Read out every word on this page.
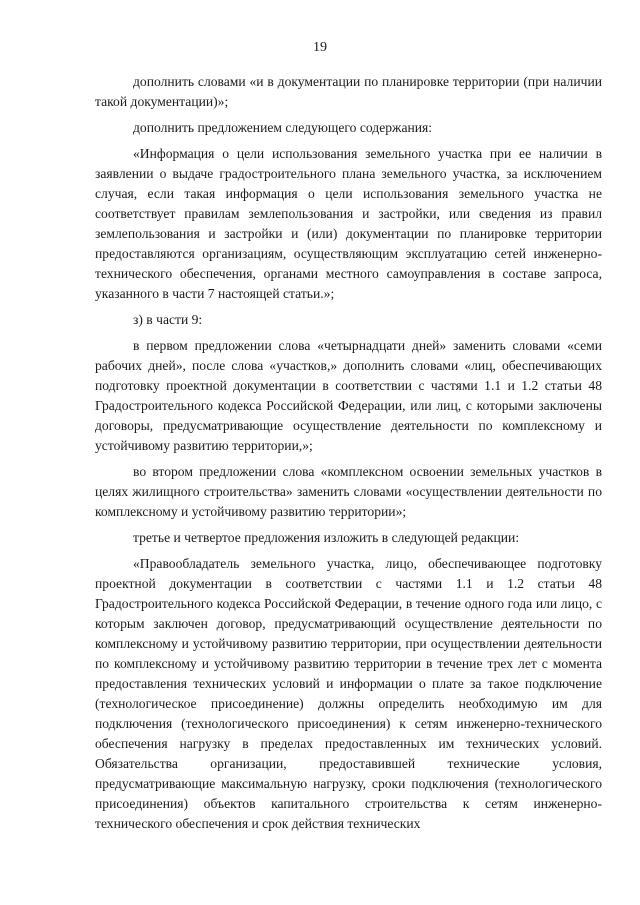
19

дополнить словами «и в документации по планировке территории (при наличии такой документации)»;

дополнить предложением следующего содержания:

«Информация о цели использования земельного участка при ее наличии в заявлении о выдаче градостроительного плана земельного участка, за исключением случая, если такая информация о цели использования земельного участка не соответствует правилам землепользования и застройки, или сведения из правил землепользования и застройки и (или) документации по планировке территории предоставляются организациям, осуществляющим эксплуатацию сетей инженерно-технического обеспечения, органами местного самоуправления в составе запроса, указанного в части 7 настоящей статьи.»;

з) в части 9:

в первом предложении слова «четырнадцати дней» заменить словами «семи рабочих дней», после слова «участков,» дополнить словами «лиц, обеспечивающих подготовку проектной документации в соответствии с частями 1.1 и 1.2 статьи 48 Градостроительного кодекса Российской Федерации, или лиц, с которыми заключены договоры, предусматривающие осуществление деятельности по комплексному и устойчивому развитию территории,»;

во втором предложении слова «комплексном освоении земельных участков в целях жилищного строительства» заменить словами «осуществлении деятельности по комплексному и устойчивому развитию территории»;

третье и четвертое предложения изложить в следующей редакции:

«Правообладатель земельного участка, лицо, обеспечивающее подготовку проектной документации в соответствии с частями 1.1 и 1.2 статьи 48 Градостроительного кодекса Российской Федерации, в течение одного года или лицо, с которым заключен договор, предусматривающий осуществление деятельности по комплексному и устойчивому развитию территории, при осуществлении деятельности по комплексному и устойчивому развитию территории в течение трех лет с момента предоставления технических условий и информации о плате за такое подключение (технологическое присоединение) должны определить необходимую им для подключения (технологического присоединения) к сетям инженерно-технического обеспечения нагрузку в пределах предоставленных им технических условий. Обязательства организации, предоставившей технические условия, предусматривающие максимальную нагрузку, сроки подключения (технологического присоединения) объектов капитального строительства к сетям инженерно-технического обеспечения и срок действия технических
